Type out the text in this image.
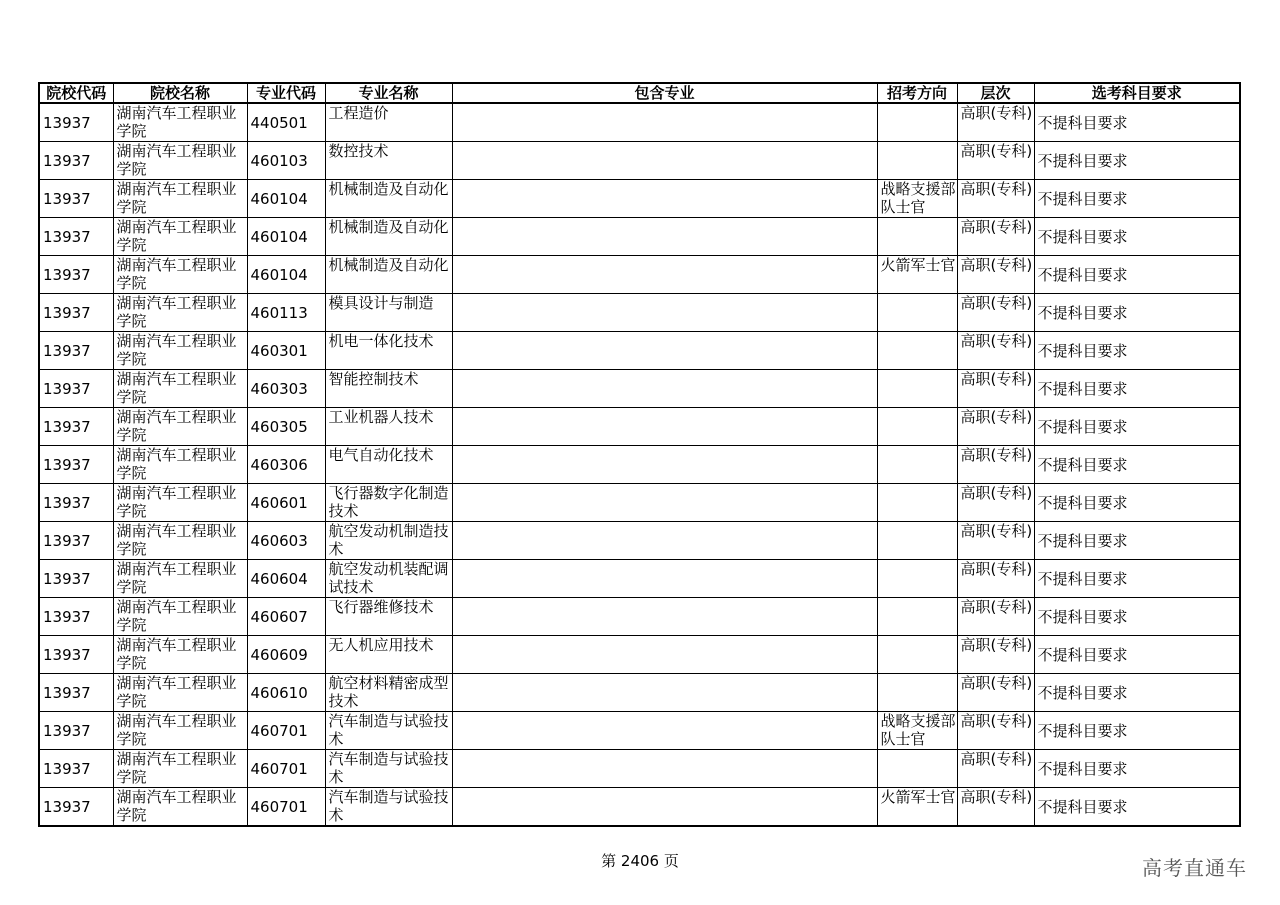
院校代码	院校名称	专业代码	专业名称	包含专业	招考方向	层次	选考科目要求
13937	湖南汽车工程职业学院	440501	工程造价			高职(专科)	不提科目要求
13937	湖南汽车工程职业学院	460103	数控技术			高职(专科)	不提科目要求
13937	湖南汽车工程职业学院	460104	机械制造及自动化		战略支援部队士官	高职(专科)	不提科目要求
13937	湖南汽车工程职业学院	460104	机械制造及自动化			高职(专科)	不提科目要求
13937	湖南汽车工程职业学院	460104	机械制造及自动化		火箭军士官	高职(专科)	不提科目要求
13937	湖南汽车工程职业学院	460113	模具设计与制造			高职(专科)	不提科目要求
13937	湖南汽车工程职业学院	460301	机电一体化技术			高职(专科)	不提科目要求
13937	湖南汽车工程职业学院	460303	智能控制技术			高职(专科)	不提科目要求
13937	湖南汽车工程职业学院	460305	工业机器人技术			高职(专科)	不提科目要求
13937	湖南汽车工程职业学院	460306	电气自动化技术			高职(专科)	不提科目要求
13937	湖南汽车工程职业学院	460601	飞行器数字化制造技术			高职(专科)	不提科目要求
13937	湖南汽车工程职业学院	460603	航空发动机制造技术			高职(专科)	不提科目要求
13937	湖南汽车工程职业学院	460604	航空发动机装配调试技术			高职(专科)	不提科目要求
13937	湖南汽车工程职业学院	460607	飞行器维修技术			高职(专科)	不提科目要求
13937	湖南汽车工程职业学院	460609	无人机应用技术			高职(专科)	不提科目要求
13937	湖南汽车工程职业学院	460610	航空材料精密成型技术			高职(专科)	不提科目要求
13937	湖南汽车工程职业学院	460701	汽车制造与试验技术		战略支援部队士官	高职(专科)	不提科目要求
13937	湖南汽车工程职业学院	460701	汽车制造与试验技术			高职(专科)	不提科目要求
13937	湖南汽车工程职业学院	460701	汽车制造与试验技术		火箭军士官	高职(专科)	不提科目要求
第 2406 页	高考直通车
